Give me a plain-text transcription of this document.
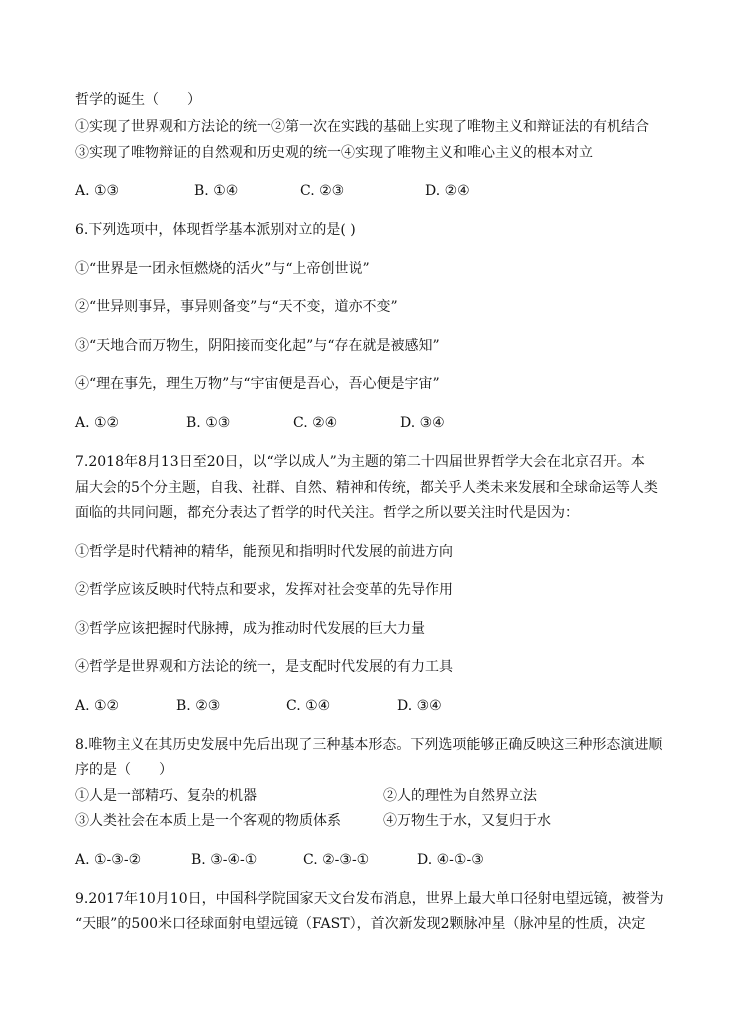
哲学的诞生（　　）
①实现了世界观和方法论的统一②第一次在实践的基础上实现了唯物主义和辩证法的有机结合
③实现了唯物辩证的自然观和历史观的统一④实现了唯物主义和唯心主义的根本对立
A. ①③	B. ①④	C. ②③	D. ②④
6.下列选项中，体现哲学基本派别对立的是( )
①“世界是一团永恒燃烧的活火”与“上帝创世说”
②“世异则事异，事异则备变”与“天不变，道亦不变”
③“天地合而万物生，阴阳接而变化起”与“存在就是被感知”
④“理在事先，理生万物”与“宇宙便是吾心，吾心便是宇宙”
A. ①②	B. ①③	C. ②④	D. ③④
7.2018年8月13日至20日，以“学以成人”为主题的第二十四届世界哲学大会在北京召开。本
届大会的5个分主题，自我、社群、自然、精神和传统，都关乎人类未来发展和全球命运等人类
面临的共同问题，都充分表达了哲学的时代关注。哲学之所以要关注时代是因为：
①哲学是时代精神的精华，能预见和指明时代发展的前进方向
②哲学应该反映时代特点和要求，发挥对社会变革的先导作用
③哲学应该把握时代脉搏，成为推动时代发展的巨大力量
④哲学是世界观和方法论的统一，是支配时代发展的有力工具
A. ①②	B. ②③	C. ①④	D. ③④
8.唯物主义在其历史发展中先后出现了三种基本形态。下列选项能够正确反映这三种形态演进顺
序的是（　　）
①人是一部精巧、复杂的机器	②人的理性为自然界立法
③人类社会在本质上是一个客观的物质体系	④万物生于水，又复归于水
A. ①-③-②	B. ③-④-①	C. ②-③-①	D. ④-①-③
9.2017年10月10日，中国科学院国家天文台发布消息，世界上最大单口径射电望远镜，被誉为
“天眼”的500米口径球面射电望远镜（FAST），首次新发现2颗脉冲星（脉冲星的性质，决定
